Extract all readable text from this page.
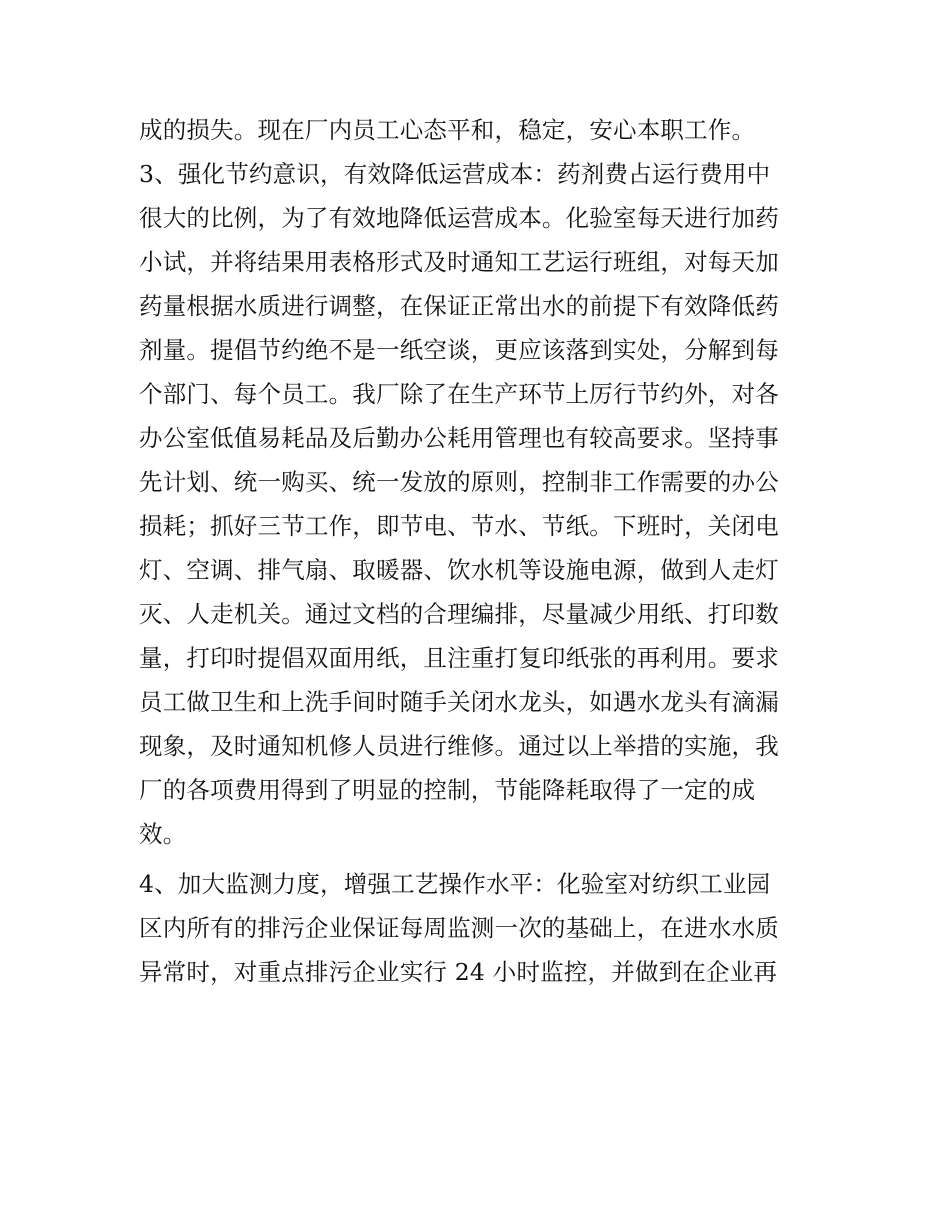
成的损失。现在厂内员工心态平和，稳定，安心本职工作。
3、强化节约意识，有效降低运营成本：药剂费占运行费用中
很大的比例，为了有效地降低运营成本。化验室每天进行加药
小试，并将结果用表格形式及时通知工艺运行班组，对每天加
药量根据水质进行调整，在保证正常出水的前提下有效降低药
剂量。提倡节约绝不是一纸空谈，更应该落到实处，分解到每
个部门、每个员工。我厂除了在生产环节上厉行节约外，对各
办公室低值易耗品及后勤办公耗用管理也有较高要求。坚持事
先计划、统一购买、统一发放的原则，控制非工作需要的办公
损耗；抓好三节工作，即节电、节水、节纸。下班时，关闭电
灯、空调、排气扇、取暖器、饮水机等设施电源，做到人走灯
灭、人走机关。通过文档的合理编排，尽量减少用纸、打印数
量，打印时提倡双面用纸，且注重打复印纸张的再利用。要求
员工做卫生和上洗手间时随手关闭水龙头，如遇水龙头有滴漏
现象，及时通知机修人员进行维修。通过以上举措的实施，我
厂的各项费用得到了明显的控制，节能降耗取得了一定的成
效。
4、加大监测力度，增强工艺操作水平：化验室对纺织工业园
区内所有的排污企业保证每周监测一次的基础上，在进水水质
异常时，对重点排污企业实行 24 小时监控，并做到在企业再
